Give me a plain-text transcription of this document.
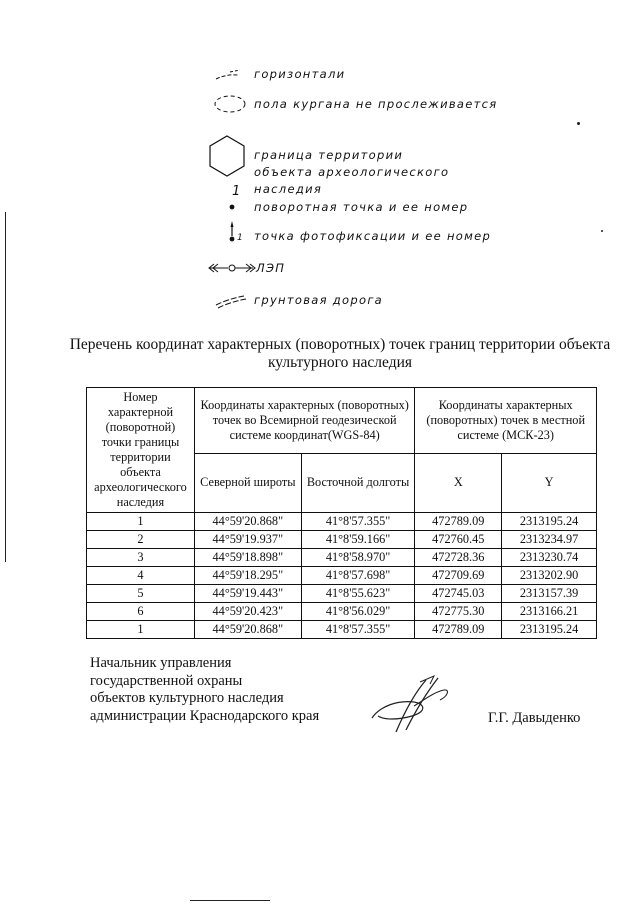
горизонтали
пола кургана не прослеживается
граница территории объекта археологического наследия
1
поворотная точка и ее номер
1 точка фотофиксации и ее номер
ЛЭП
грунтовая дорога
Перечень координат характерных (поворотных) точек границ территории объекта культурного наследия
Номер характерной (поворотной) точки границы территории объекта археологического наследия	Координаты характерных (поворотных) точек во Всемирной геодезической системе координат(WGS-84)		Координаты характерных (поворотных) точек в местной системе (МСК-23)	
	Северной широты	Восточной долготы	X	Y
1	44°59'20.868"	41°8'57.355"	472789.09	2313195.24
2	44°59'19.937"	41°8'59.166"	472760.45	2313234.97
3	44°59'18.898"	41°8'58.970"	472728.36	2313230.74
4	44°59'18.295"	41°8'57.698"	472709.69	2313202.90
5	44°59'19.443"	41°8'55.623"	472745.03	2313157.39
6	44°59'20.423"	41°8'56.029"	472775.30	2313166.21
1	44°59'20.868"	41°8'57.355"	472789.09	2313195.24
Начальник управления
государственной охраны
объектов культурного наследия
администрации Краснодарского края	Г.Г. Давыденко
